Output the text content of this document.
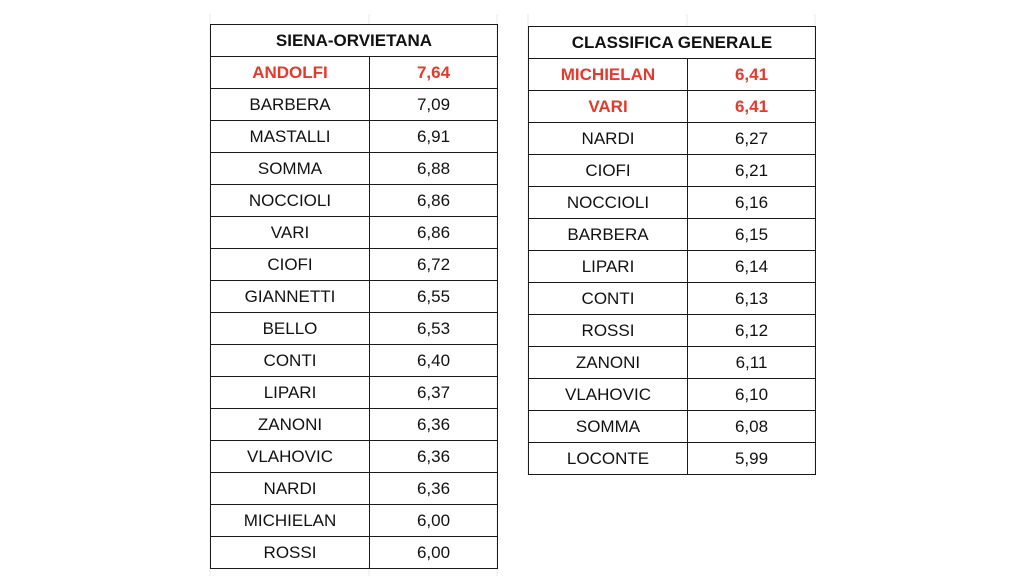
SIENA-ORVIETANA	
ANDOLFI	7,64
BARBERA	7,09
MASTALLI	6,91
SOMMA	6,88
NOCCIOLI	6,86
VARI	6,86
CIOFI	6,72
GIANNETTI	6,55
BELLO	6,53
CONTI	6,40
LIPARI	6,37
ZANONI	6,36
VLAHOVIC	6,36
NARDI	6,36
MICHIELAN	6,00
ROSSI	6,00
CLASSIFICA GENERALE	
MICHIELAN	6,41
VARI	6,41
NARDI	6,27
CIOFI	6,21
NOCCIOLI	6,16
BARBERA	6,15
LIPARI	6,14
CONTI	6,13
ROSSI	6,12
ZANONI	6,11
VLAHOVIC	6,10
SOMMA	6,08
LOCONTE	5,99
